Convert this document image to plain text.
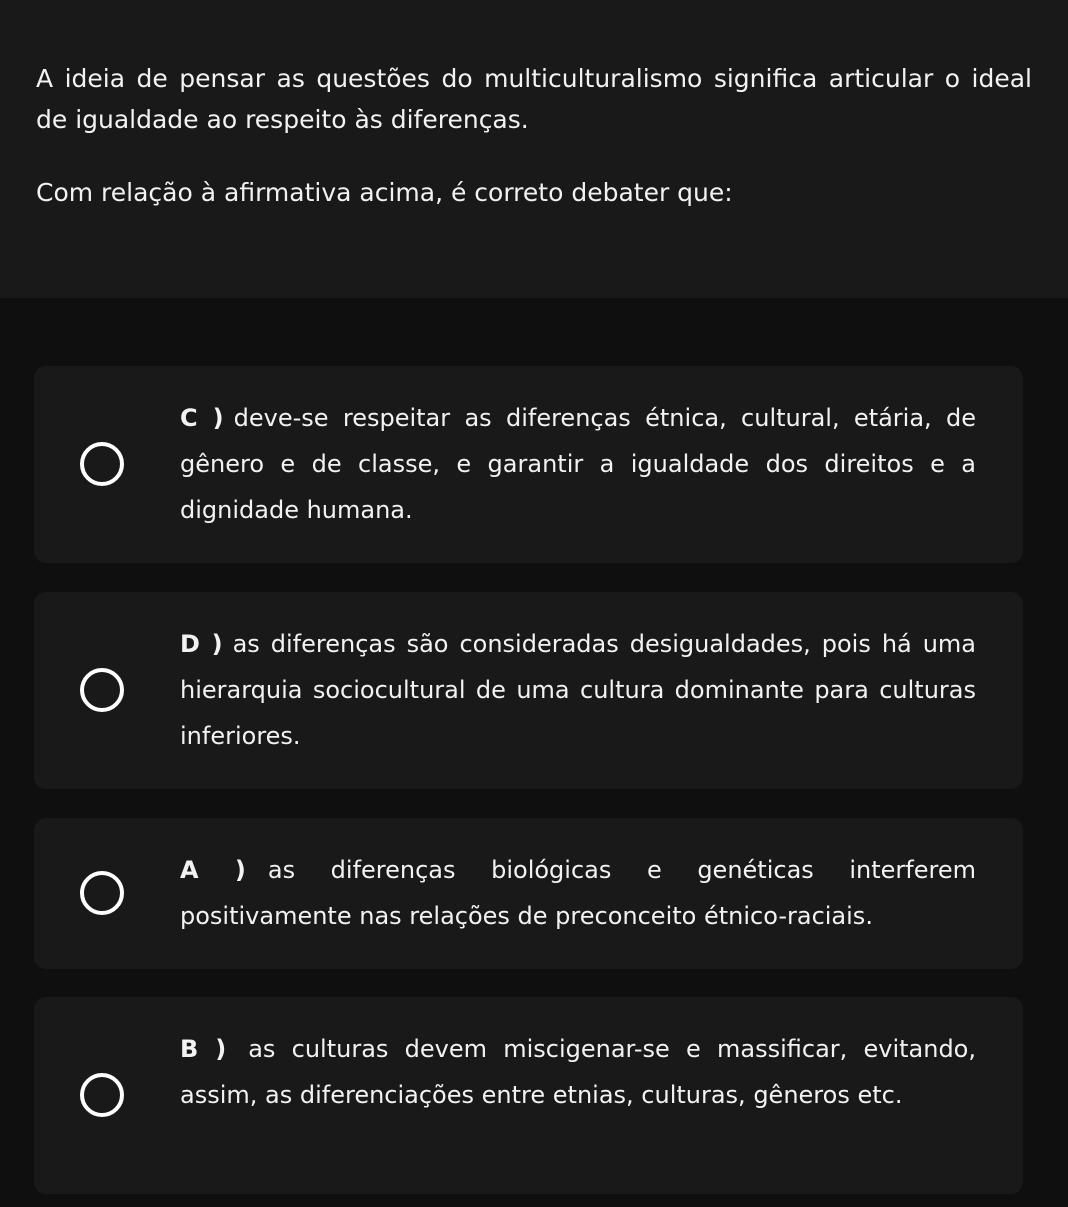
A ideia de pensar as questões do multiculturalismo signiﬁca articular o ideal de igualdade ao respeito às diferenças.

Com relação à aﬁrmativa acima, é correto debater que:

C ) deve-se respeitar as diferenças étnica, cultural, etária, de gênero e de classe, e garantir a igualdade dos direitos e a dignidade humana.

D ) as diferenças são consideradas desigualdades, pois há uma hierarquia sociocultural de uma cultura dominante para culturas inferiores.

A ) as diferenças biológicas e genéticas interferem positivamente nas relações de preconceito étnico-raciais.

B ) as culturas devem miscigenar-se e massiﬁcar, evitando, assim, as diferenciações entre etnias, culturas, gêneros etc.
